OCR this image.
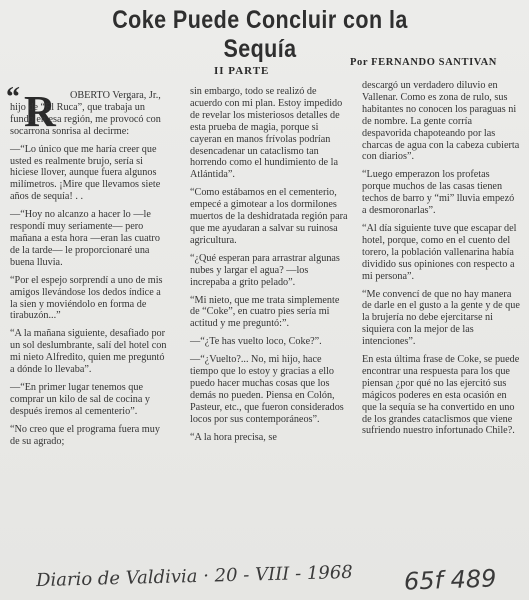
Coke Puede Concluir con la Sequía
II PARTE
Por FERNANDO SANTIVAN
“ R	OBERTO Vergara, Jr., hijo de “El Ruca”, que trabaja un fundo en esa región, me provocó con socarrona sonrisa al decirme:

—“Lo único que me haría creer que usted es realmente brujo, sería si hiciese llover, aunque fuera algunos milímetros. ¡Mire que llevamos siete años de sequía! . .

—“Hoy no alcanzo a hacer lo —le respondí muy seriamente— pero mañana a esta hora —eran las cuatro de la tarde— le proporcionaré una buena lluvia.

“Por el espejo sorprendí a uno de mis amigos llevándose los dedos índice a la sien y moviéndolo en forma de tirabuzón...”

“A la mañana siguiente, desafiado por un sol deslumbrante, salí del hotel con mi nieto Alfredito, quien me preguntó a dónde lo llevaba”.

—“En primer lugar tenemos que comprar un kilo de sal de cocina y después iremos al cementerio”.

“No creo que el programa fuera muy de su agrado;

sin embargo, todo se realizó de acuerdo con mi plan. Estoy impedido de revelar los misteriosos detalles de esta prueba de magia, porque si cayeran en manos frívolas podrían desencadenar un cataclismo tan horrendo como el hundimiento de la Atlántida”.

“Como estábamos en el cementerio, empecé a gimotear a los dormilones muertos de la deshidratada región para que me ayudaran a salvar su ruinosa agricultura.

“¿Qué esperan para arrastrar algunas nubes y largar el agua? —los increpaba a grito pelado”.

“Mi nieto, que me trata simplemente de “Coke”, en cuatro pies sería mi actitud y me preguntó:”.

—“¿Te has vuelto loco, Coke?”.

—“¿Vuelto?... No, mi hijo, hace tiempo que lo estoy y gracias a ello puedo hacer muchas cosas que los demás no pueden. Piensa en Colón, Pasteur, etc., que fueron considerados locos por sus contemporáneos”.

“A la hora precisa, se

descargó un verdadero diluvio en Vallenar. Como es zona de rulo, sus habitantes no conocen los paraguas ni de nombre. La gente corría despavorida chapoteando por las charcas de agua con la cabeza cubierta con diarios”.

“Luego emperazon los profetas porque muchos de las casas tienen techos de barro y “mi” lluvia empezó a desmoronarlas”.

“Al día siguiente tuve que escapar del hotel, porque, como en el cuento del torero, la población vallenarina había dividido sus opiniones con respecto a mi persona”.

“Me convencí de que no hay manera de darle en el gusto a la gente y de que la brujería no debe ejercitarse ni siquiera con la mejor de las intenciones”.

En esta última frase de Coke, se puede encontrar una respuesta para los que piensan ¿por qué no las ejercitó sus mágicos poderes en esta ocasión en que la sequía se ha convertido en uno de los grandes cataclismos que viene sufriendo nuestro infortunado Chile?.

Diario de Valdivia · 20 - VIII - 1968 65f 489
